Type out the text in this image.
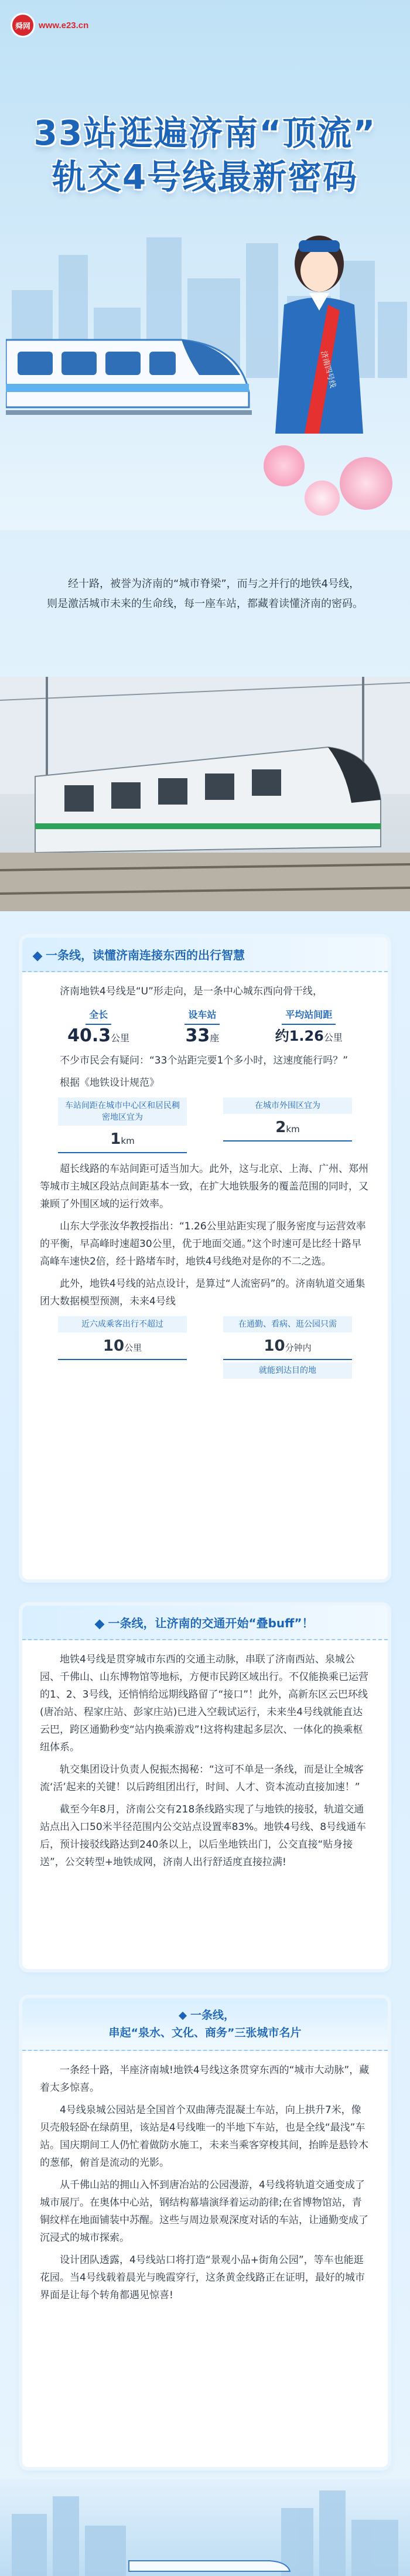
舜网 www.e23.cn
33站逛遍济南“顶流”
轨交4号线最新密码
济南四号线
经十路，被誉为济南的“城市脊梁”，而与之并行的地铁4号线，则是激活城市未来的生命线，每一座车站，都藏着读懂济南的密码。
一条线，读懂济南连接东西的出行智慧
济南地铁4号线是“U”形走向，是一条中心城东西向骨干线，
全长
40.3公里
设车站
33座
平均站间距
约1.26公里
不少市民会有疑问：“33个站距完要1个多小时，这速度能行吗？”
根据《地铁设计规范》
车站间距在城市中心区和居民稠密地区宜为
1km
在城市外围区宜为
2km
超长线路的车站间距可适当加大。此外，这与北京、上海、广州、郑州等城市主城区段站点间距基本一致，在扩大地铁服务的覆盖范围的同时，又兼顾了外围区域的运行效率。
山东大学张汝华教授指出：“1.26公里站距实现了服务密度与运营效率的平衡，早高峰时速超30公里，优于地面交通。”这个时速可是比经十路早高峰车速快2倍，经十路堵车时，地铁4号线绝对是你的不二之选。
此外，地铁4号线的站点设计，是算过“人流密码”的。济南轨道交通集团大数据模型预测，未来4号线
近六成乘客出行不超过
10公里
在通勤、看病、逛公园只需
10分钟内
就能到达目的地
一条线，让济南的交通开始“叠buff”！
地铁4号线是贯穿城市东西的交通主动脉，串联了济南西站、泉城公园、千佛山、山东博物馆等地标，方便市民跨区域出行。不仅能换乘已运营的1、2、3号线，还悄悄给远期线路留了“接口”！此外，高新东区云巴环线(唐冶站、程家庄站、彭家庄站)已进入空载试运行，未来坐4号线就能直达云巴，跨区通勤秒变“站内换乘游戏”!这将构建起多层次、一体化的换乘枢纽体系。
轨交集团设计负责人倪振杰揭秘：“这可不单是一条线，而是让全城客流‘活’起来的关键！以后跨组团出行，时间、人才、资本流动直接加速！”
截至今年8月，济南公交有218条线路实现了与地铁的接驳，轨道交通站点出入口50米半径范围内公交站点设置率83%。地铁4号线、8号线通车后，预计接驳线路达到240条以上，以后坐地铁出门，公交直接“贴身接送”，公交转型+地铁成网，济南人出行舒适度直接拉满!
一条线，
串起“泉水、文化、商务”三张城市名片
一条经十路，半座济南城!地铁4号线这条贯穿东西的“城市大动脉”，藏着太多惊喜。
4号线泉城公园站是全国首个双曲薄壳混凝土车站，向上拱升7米，像贝壳般轻卧在绿荫里，该站是4号线唯一的半地下车站，也是全线“最浅”车站。国庆期间工人仍忙着做防水施工，未来当乘客穿梭其间，抬眸是悬铃木的葱郁，俯首是流动的光影。
从千佛山站的拥山入怀到唐冶站的公园漫游，4号线将轨道交通变成了城市展厅。在奥体中心站，钢结构幕墙演绎着运动韵律;在省博物馆站，青铜纹样在地面铺装中苏醒。这些与周边景观深度对话的车站，让通勤变成了沉浸式的城市探索。
设计团队透露，4号线站口将打造“景观小品+街角公园”，等车也能逛花园。当4号线载着晨光与晚霞穿行，这条黄金线路正在证明，最好的城市界面是让每个转角都遇见惊喜!
